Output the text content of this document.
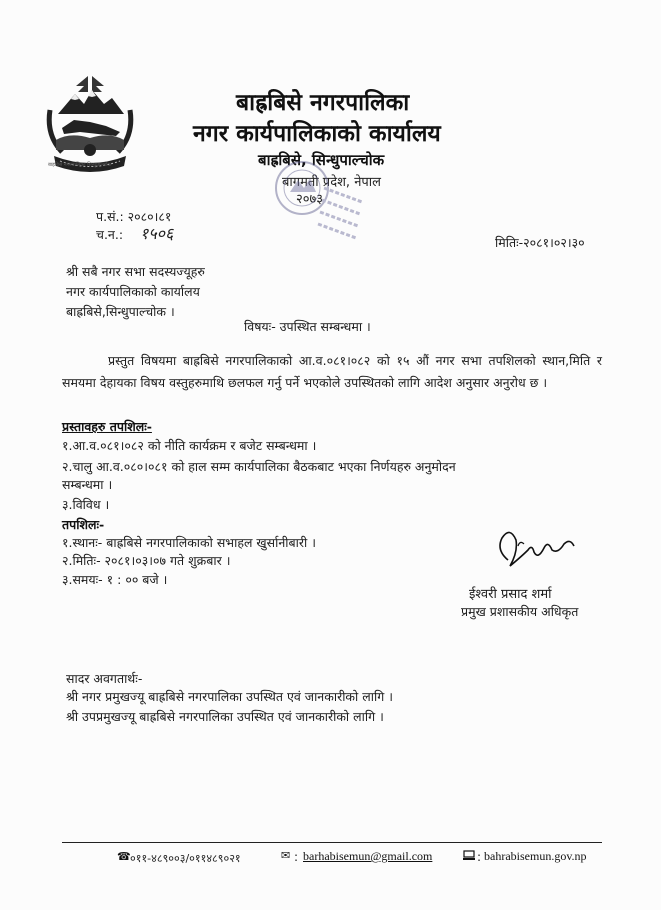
बाह्रबिसे नगरपालिका सिन्धुपाल्चोक
बाह्रबिसे नगरपालिका
नगर कार्यपालिकाको कार्यालय
बाह्रबिसे, सिन्धुपाल्चोक
बागमती प्रदेश, नेपाल
२०७३
प.सं.: २०८०।८१
च.न.: १५०६	मितिः-२०८१।०२।३०
श्री सबै नगर सभा सदस्यज्यूहरु
नगर कार्यपालिकाको कार्यालय
बाह्रबिसे,सिन्धुपाल्चोक ।
विषयः- उपस्थित सम्बन्धमा ।
प्रस्तुत विषयमा बाह्रबिसे नगरपालिकाको आ.व.०८१।०८२ को १५ औं नगर सभा तपशिलको स्थान,मिति र समयमा देहायका विषय वस्तुहरुमाथि छलफल गर्नु पर्ने भएकोले उपस्थितको लागि आदेश अनुसार अनुरोध छ ।
प्रस्तावहरु तपशिलः-
१.आ.व.०८१।०८२ को नीति कार्यक्रम र बजेट सम्बन्धमा ।
२.चालु आ.व.०८०।०८१ को हाल सम्म कार्यपालिका बैठकबाट भएका निर्णयहरु अनुमोदन
सम्बन्धमा ।
३.विविध ।
तपशिलः-
१.स्थानः- बाह्रबिसे नगरपालिकाको सभाहल खुर्सानीबारी ।
२.मितिः- २०८१।०३।०७ गते शुक्रबार ।
३.समयः- १ : ०० बजे ।
ईश्वरी प्रसाद शर्मा
प्रमुख प्रशासकीय अधिकृत
सादर अवगतार्थः-
श्री नगर प्रमुखज्यू बाह्रबिसे नगरपालिका उपस्थित एवं जानकारीको लागि ।
श्री उपप्रमुखज्यू बाह्रबिसे नगरपालिका उपस्थित एवं जानकारीको लागि ।
☎ ०११-४८९००३/०११४८९०२१	✉ : barhabisemun@gmail.com	: bahrabisemun.gov.np
